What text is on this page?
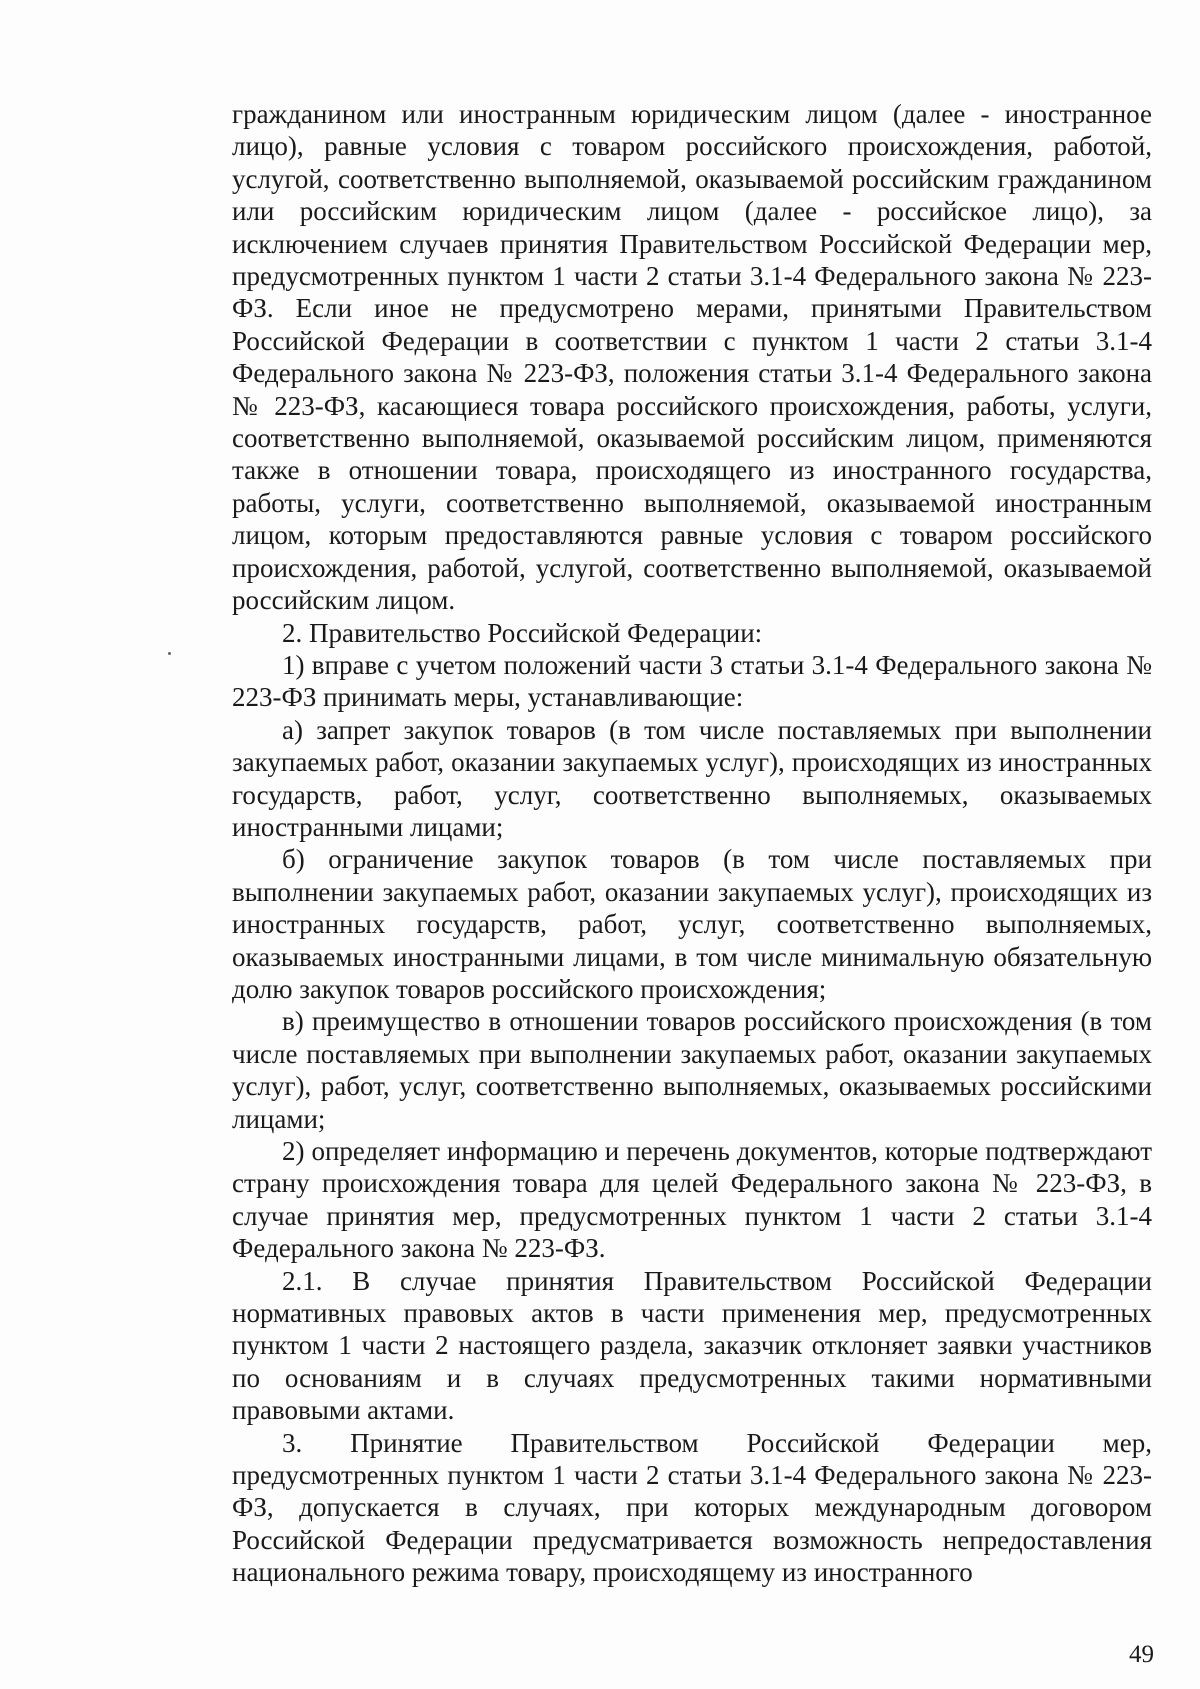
гражданином или иностранным юридическим лицом (далее - иностранное лицо), равные условия с товаром российского происхождения, работой, услугой, соответственно выполняемой, оказываемой российским гражданином или российским юридическим лицом (далее - российское лицо), за исключением случаев принятия Правительством Российской Федерации мер, предусмотренных пунктом 1 части 2 статьи 3.1-4 Федерального закона № 223-ФЗ. Если иное не предусмотрено мерами, принятыми Правительством Российской Федерации в соответствии с пунктом 1 части 2 статьи 3.1-4 Федерального закона № 223-ФЗ, положения статьи 3.1-4 Федерального закона № 223-ФЗ, касающиеся товара российского происхождения, работы, услуги, соответственно выполняемой, оказываемой российским лицом, применяются также в отношении товара, происходящего из иностранного государства, работы, услуги, соответственно выполняемой, оказываемой иностранным лицом, которым предоставляются равные условия с товаром российского происхождения, работой, услугой, соответственно выполняемой, оказываемой российским лицом.

2. Правительство Российской Федерации:

1) вправе с учетом положений части 3 статьи 3.1-4 Федерального закона № 223-ФЗ принимать меры, устанавливающие:

а) запрет закупок товаров (в том числе поставляемых при выполнении закупаемых работ, оказании закупаемых услуг), происходящих из иностранных государств, работ, услуг, соответственно выполняемых, оказываемых иностранными лицами;

б) ограничение закупок товаров (в том числе поставляемых при выполнении закупаемых работ, оказании закупаемых услуг), происходящих из иностранных государств, работ, услуг, соответственно выполняемых, оказываемых иностранными лицами, в том числе минимальную обязательную долю закупок товаров российского происхождения;

в) преимущество в отношении товаров российского происхождения (в том числе поставляемых при выполнении закупаемых работ, оказании закупаемых услуг), работ, услуг, соответственно выполняемых, оказываемых российскими лицами;

2) определяет информацию и перечень документов, которые подтверждают страну происхождения товара для целей Федерального закона № 223-ФЗ, в случае принятия мер, предусмотренных пунктом 1 части 2 статьи 3.1-4 Федерального закона № 223-ФЗ.

2.1. В случае принятия Правительством Российской Федерации нормативных правовых актов в части применения мер, предусмотренных пунктом 1 части 2 настоящего раздела, заказчик отклоняет заявки участников по основаниям и в случаях предусмотренных такими нормативными правовыми актами.

3. Принятие Правительством Российской Федерации мер, предусмотренных пунктом 1 части 2 статьи 3.1-4 Федерального закона № 223-ФЗ, допускается в случаях, при которых международным договором Российской Федерации предусматривается возможность непредоставления национального режима товару, происходящему из иностранного

49
